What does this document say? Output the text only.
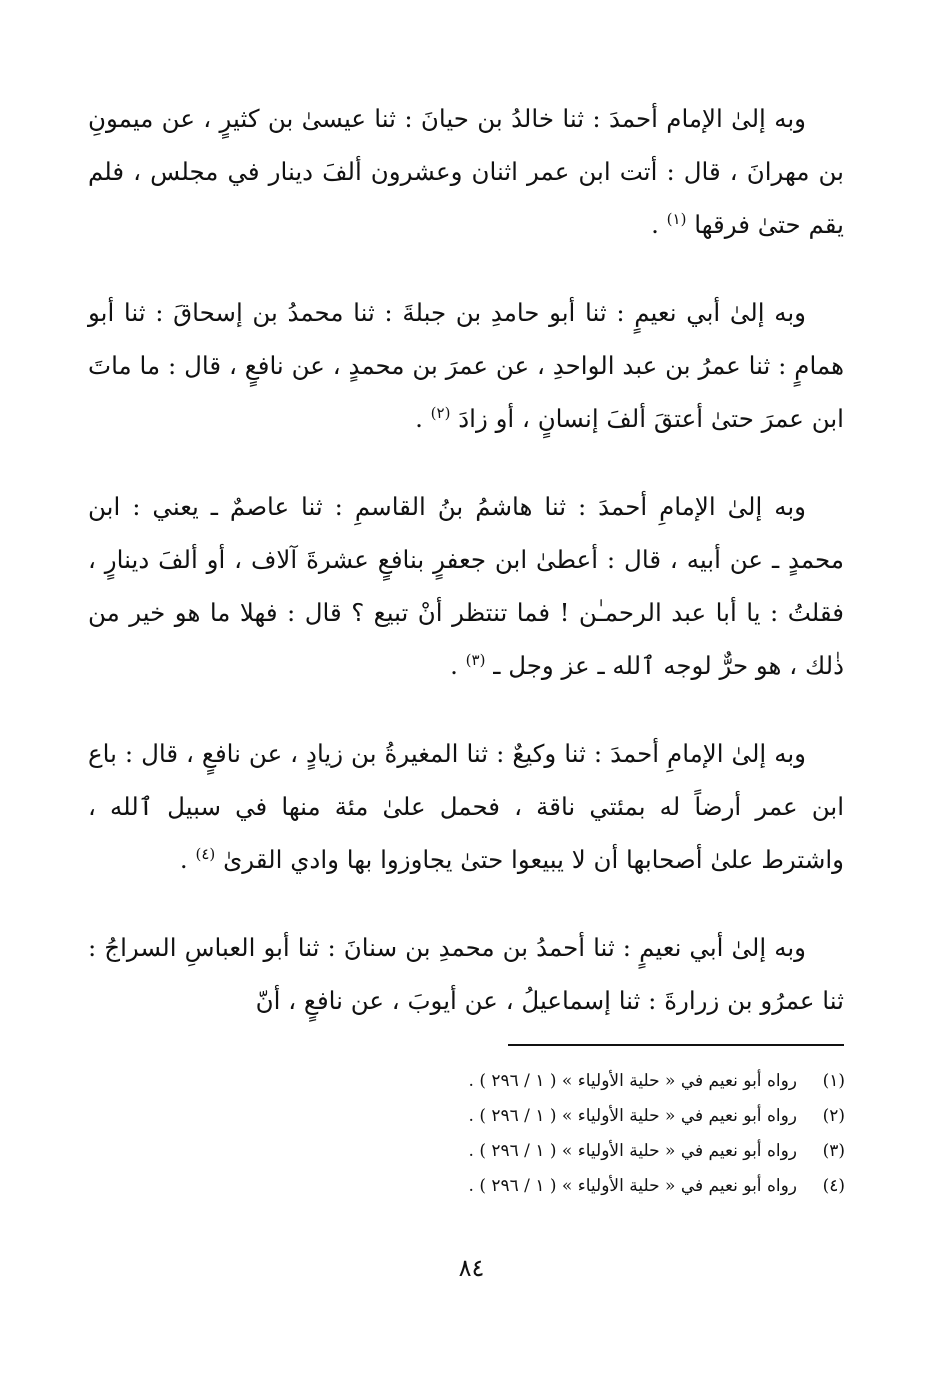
وبه إلىٰ الإمام أحمدَ : ثنا خالدُ بن حيانَ : ثنا عيسىٰ بن كثيرٍ ، عن ميمونِ بن مهرانَ ، قال : أتت ابن عمر اثنان وعشرون ألفَ دينار في مجلس ، فلم يقم حتىٰ فرقها $^{(١)}$ .

وبه إلىٰ أبي نعيمٍ : ثنا أبو حامدِ بن جبلةَ : ثنا محمدُ بن إسحاقَ : ثنا أبو همامٍ : ثنا عمرُ بن عبد الواحدِ ، عن عمرَ بن محمدٍ ، عن نافعٍ ، قال : ما ماتَ ابن عمرَ حتىٰ أعتقَ ألفَ إنسانٍ ، أو زادَ $^{(٢)}$ .

وبه إلىٰ الإمامِ أحمدَ : ثنا هاشمُ بنُ القاسمِ : ثنا عاصمٌ ـ يعني : ابن محمدٍ ـ عن أبيه ، قال : أعطىٰ ابن جعفرٍ بنافعٍ عشرةَ آلاف ، أو ألفَ دينارٍ ، فقلتُ : يا أبا عبد الرحمـٰن ! فما تنتظر أنْ تبيع ؟ قال : فهلا ما هو خير من ذٰلك ، هو حرٌّ لوجه ٱلله ـ عز وجل ـ $^{(٣)}$ .

وبه إلىٰ الإمامِ أحمدَ : ثنا وكيعٌ : ثنا المغيرةُ بن زيادٍ ، عن نافعٍ ، قال : باع ابن عمر أرضاً له بمئتي ناقة ، فحمل علىٰ مئة منها في سبيل ٱلله ، واشترط علىٰ أصحابها أن لا يبيعوا حتىٰ يجاوزوا بها وادي القرىٰ $^{(٤)}$ .

وبه إلىٰ أبي نعيمٍ : ثنا أحمدُ بن محمدِ بن سنانَ : ثنا أبو العباسِ السراجُ : ثنا عمرُو بن زرارةَ : ثنا إسماعيلُ ، عن أيوبَ ، عن نافعٍ ، أنّ

(١)
رواه أبو نعيم في « حلية الأولياء » ( ١ / ٢٩٦ ) .
(٢)
رواه أبو نعيم في « حلية الأولياء » ( ١ / ٢٩٦ ) .
(٣)
رواه أبو نعيم في « حلية الأولياء » ( ١ / ٢٩٦ ) .
(٤)
رواه أبو نعيم في « حلية الأولياء » ( ١ / ٢٩٦ ) .
٨٤
